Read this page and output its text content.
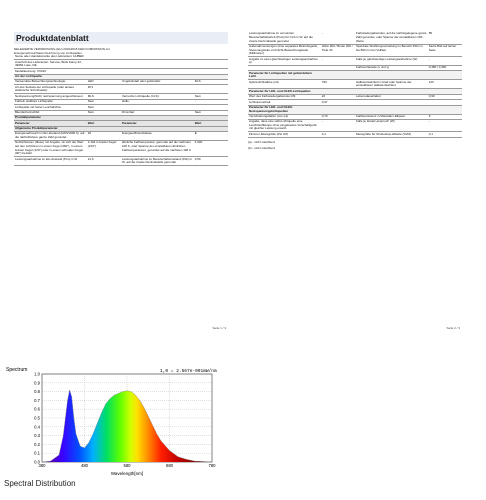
Produktdatenblatt
DELEGIERTE VERORDNUNG (EU) 2019/2015 DER KOMMISSION zur
Energieverbrauchskennzeichnung von Lichtquellen
Name oder Handelsmarke des Lieferanten: HUBER			
Anschrift des Lieferanten: Service, Bulls Kamp 22, 49084 Lotte, DE			
Modellkennung: XX222			
Art der Lichtquelle:			
Verwendete Beleuchtungstechnologie:	LED	Ungebündelt oder gebündelt:	DLS
Art des Sockels der Lichtquelle (oder andere elektrische Schnittstelle)	R7s		
Netzspannung/Nicht netzspannung angeschlossen:	MLS	Vernetzte Lichtquelle (CLS):	Nein
Farbein stellbare Lichtquelle:	Nein	Hülle:	-
Lichtquelle mit hoher Leuchtdichte:	Nein		
Blendschutzschild:	Nein	Dimmbar:	Nein
Produktparameter			
Parameter	Wert	Parameter	Wert
Allgemeine Produktparameter			
Energieverbrauch im Ein-Zustand (kWh/1000 h), auf die nächsthöhere ganze Zahl gerundet	22	Energieeffizienzklasse	E
Nutzlichtstrom (Φuse) mit Angabe, ob sich der Wert auf den Lichtstrom in einem Kegel (360°), in einem breiten Kegel (120°) oder in einem schmalen Kegel (90°) bezieht	2.194 in breiter Kegel (120°)	ähnliche Farbtemperatur, gerundet auf die nächsten 100 K, oder Spanne der einstellbaren ähnlichen Farbtemperaturen, gerundet auf die nächsten 100 K	4 000
Leistungsaufnahme im Ein-Zustand (Pon) in W	21,6	Leistungsaufnahme im Bereitschaftszustand (Psb) in W, auf die zweite Dezimalstelle gerundet	0,50
Seite 1 / 3
Leistungsaufnahme im vernetzten Bereitschaftsbetrieb (Pnet) für CLS in W, auf die zweite Dezimalstelle gerundet	-	Farbwiedergabeindex, auf die nächstgelegene ganze Zahl gerundet, oder Spanne der einstellbaren CRI-Werte	85
Außenabmessungen ohne separates Betriebsgerät, Steuerungsteile und Nicht-Beleuchtungsteile (Millimeter)	Höhe 300 / Breite 300 / Tiefe 40	Spektrale Strahlungsverteilung im Bereich 250 nm bis 800 nm bei Volllast	Siehe Bild auf letzter Seite
Angabe zu einer gleichwertigen Leistungsaufnahme a)	-	Falls ja, gleichwertige Leistungsaufnahme (W)	-
		Farbwertanteile (x und y)	0,380 / 0,380
Parameter für Lichtquellen mit gebündeltem Licht			
Spitzenlichtstärke (cd)	796	Halbwertswinkel in Grad oder Spanne der einstellbaren Halbwertswinkel	120
Parameter für LED- und OLED-Lichtquellen			
Wert des Farbwiedergabeindex R9	22	Lebensdauerfaktor	0,90
Lichtstromerhalt	0,97		
Parameter für LED- und OLED-Netzspannungslichtquellen			
Verschiebungsfaktor (cos φ1)	0,70	Farbkonsistenz in MacAdam-Ellipsen	6
Angabe, dass eine LED-Lichtquelle eine Leuchtstofflampe ohne eingebautes Vorschaltgerät mit gleicher Leistung ersetzt.	-	Falls ja, Ersatz-anspruch (W)	-
Flimmer-Messgröße (Pst LM)	0,1	Messgröße für Stroboskop-Effekte (SVM)	0,1
(a) - nicht zutreffend
(b) - nicht zutreffend
Seite 2 / 3
Spectrum	1,0 = 2.567e-001mW/nm
1.0
0.9
0.8
0.7
0.6
0.5
0.4
0.3
0.2
0.1
0.0
380	480	580	680	780
Wavelength[nm]
Spectral Distribution
